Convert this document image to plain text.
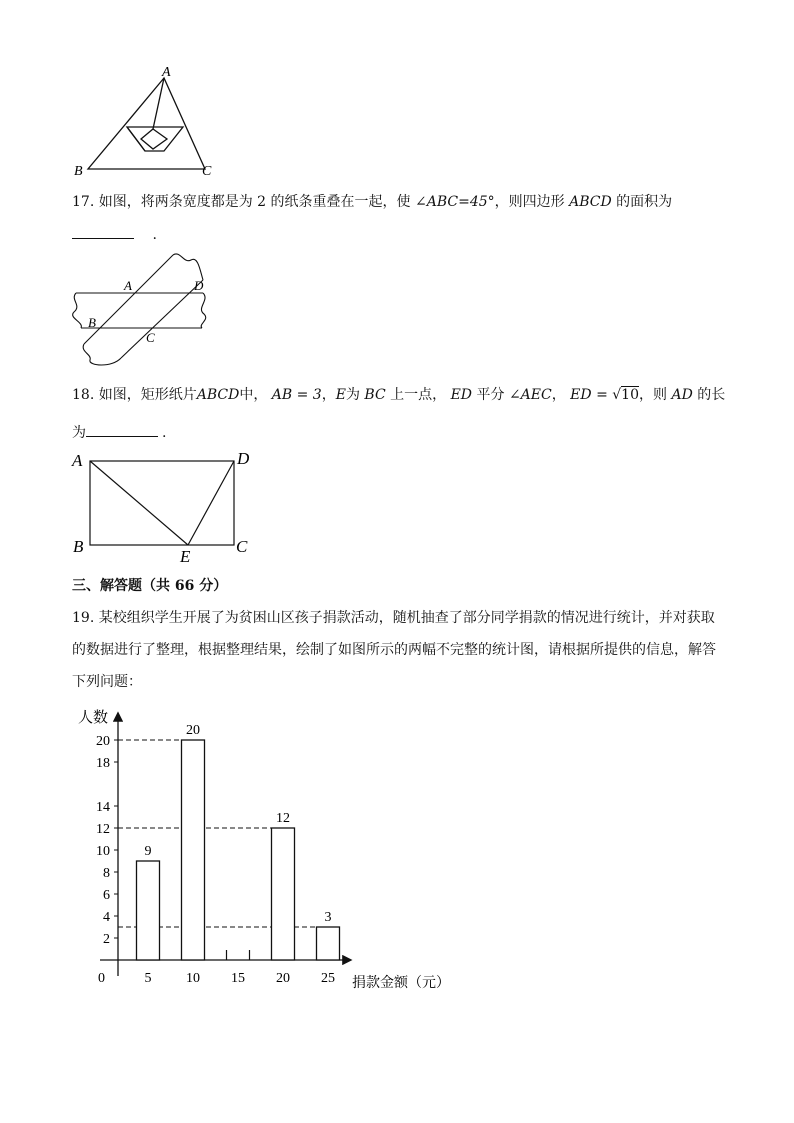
A
B	C
17. 如图，将两条宽度都是为 2 的纸条重叠在一起，使 ∠ABC=45°，则四边形 ABCD 的面积为
.
A	D
B
C
18. 如图，矩形纸片ABCD中， AB = 3，E为 BC 上一点， ED 平分 ∠AEC， ED = √10，则 AD 的长
为	.
A	D
B	C
E
三、解答题（共 66 分）
19. 某校组织学生开展了为贫困山区孩子捐款活动，随机抽查了部分同学捐款的情况进行统计，并对获取
的数据进行了整理，根据整理结果，绘制了如图所示的两幅不完整的统计图，请根据所提供的信息，解答
下列问题：
人数
捐款金额（元）
0
2
4
6
8
10
12
14
18
20
9
5
20
10 15
12
20
3
25
